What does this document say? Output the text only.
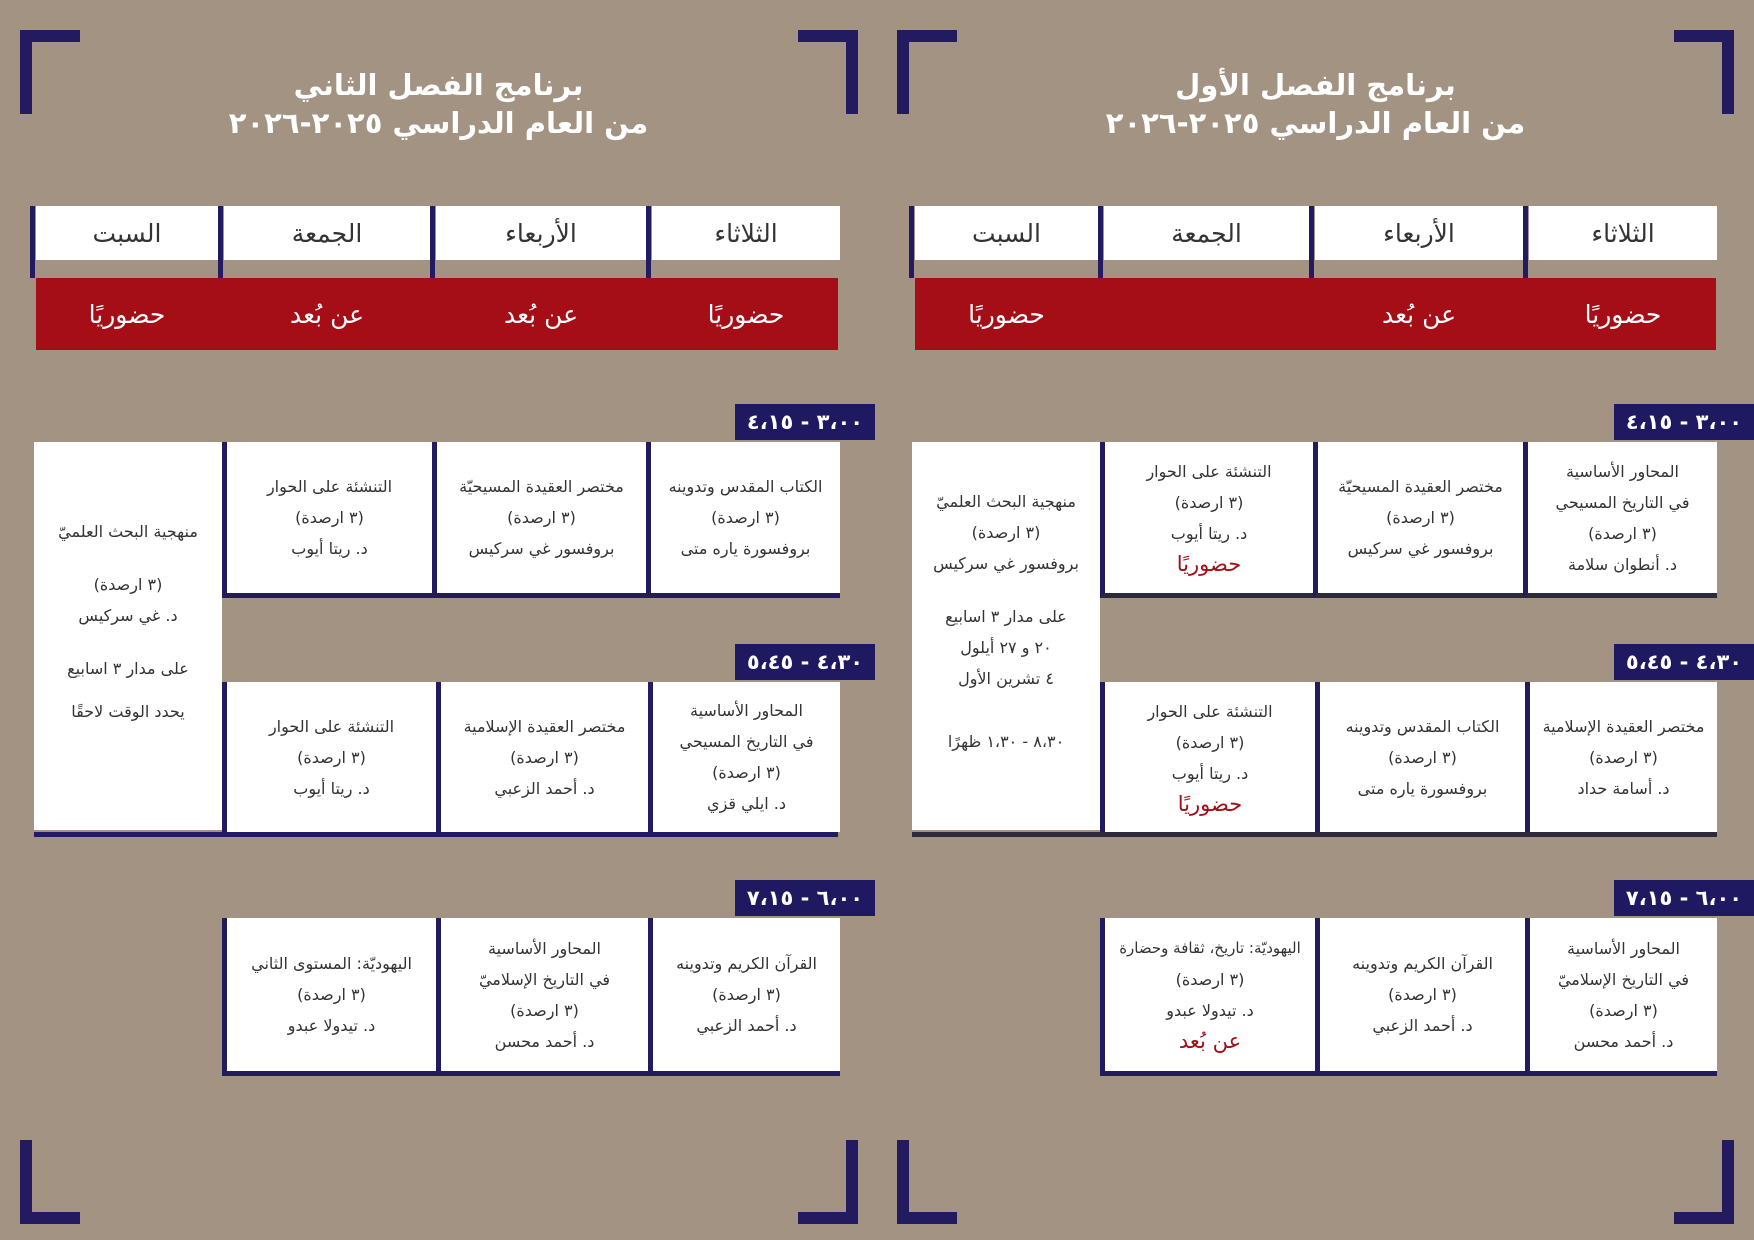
برنامج الفصل الثاني
من العام الدراسي ٢٠٢٥-٢٠٢٦
الثلاثاء
الأربعاء
الجمعة
السبت
حضوريًا
عن بُعد
عن بُعد
حضوريًا
٣،٠٠ - ٤،١٥
٤،٣٠ - ٥،٤٥
٦،٠٠ - ٧،١٥
منهجية البحث العلميّ
(٣ ارصدة)
د. غي سركيس
على مدار ٣ اسابيع
يحدد الوقت لاحقًا
الكتاب المقدس وتدوينه
(٣ ارصدة)
بروفسورة ياره متى
مختصر العقيدة المسيحيّة
(٣ ارصدة)
بروفسور غي سركيس
التنشئة على الحوار
(٣ ارصدة)
د. ريتا أيوب
المحاور الأساسية
في التاريخ المسيحي
(٣ ارصدة)
د. ايلي قزي
مختصر العقيدة الإسلامية
(٣ ارصدة)
د. أحمد الزعبي
التنشئة على الحوار
(٣ ارصدة)
د. ريتا أيوب
القرآن الكريم وتدوينه
(٣ ارصدة)
د. أحمد الزعبي
المحاور الأساسية
في التاريخ الإسلاميّ
(٣ ارصدة)
د. أحمد محسن
اليهوديّة: المستوى الثاني
(٣ ارصدة)
د. تيدولا عبدو
برنامج الفصل الأول
من العام الدراسي ٢٠٢٥-٢٠٢٦
الثلاثاء
الأربعاء
الجمعة
السبت
حضوريًا
عن بُعد
حضوريًا
٣،٠٠ - ٤،١٥
٤،٣٠ - ٥،٤٥
٦،٠٠ - ٧،١٥
منهجية البحث العلميّ
(٣ ارصدة)
بروفسور غي سركيس
على مدار ٣ اسابيع
٢٠ و ٢٧ أيلول
٤ تشرين الأول
٨،٣٠ - ١،٣٠ ظهرًا
المحاور الأساسية
في التاريخ المسيحي
(٣ ارصدة)
د. أنطوان سلامة
مختصر العقيدة المسيحيّة
(٣ ارصدة)
بروفسور غي سركيس
التنشئة على الحوار
(٣ ارصدة)
د. ريتا أيوب
حضوريًا
مختصر العقيدة الإسلامية
(٣ ارصدة)
د. أسامة حداد
الكتاب المقدس وتدوينه
(٣ ارصدة)
بروفسورة ياره متى
التنشئة على الحوار
(٣ ارصدة)
د. ريتا أيوب
حضوريًا
المحاور الأساسية
في التاريخ الإسلاميّ
(٣ ارصدة)
د. أحمد محسن
القرآن الكريم وتدوينه
(٣ ارصدة)
د. أحمد الزعبي
اليهوديّة: تاريخ، ثقافة وحضارة
(٣ ارصدة)
د. تيدولا عبدو
عن بُعد
